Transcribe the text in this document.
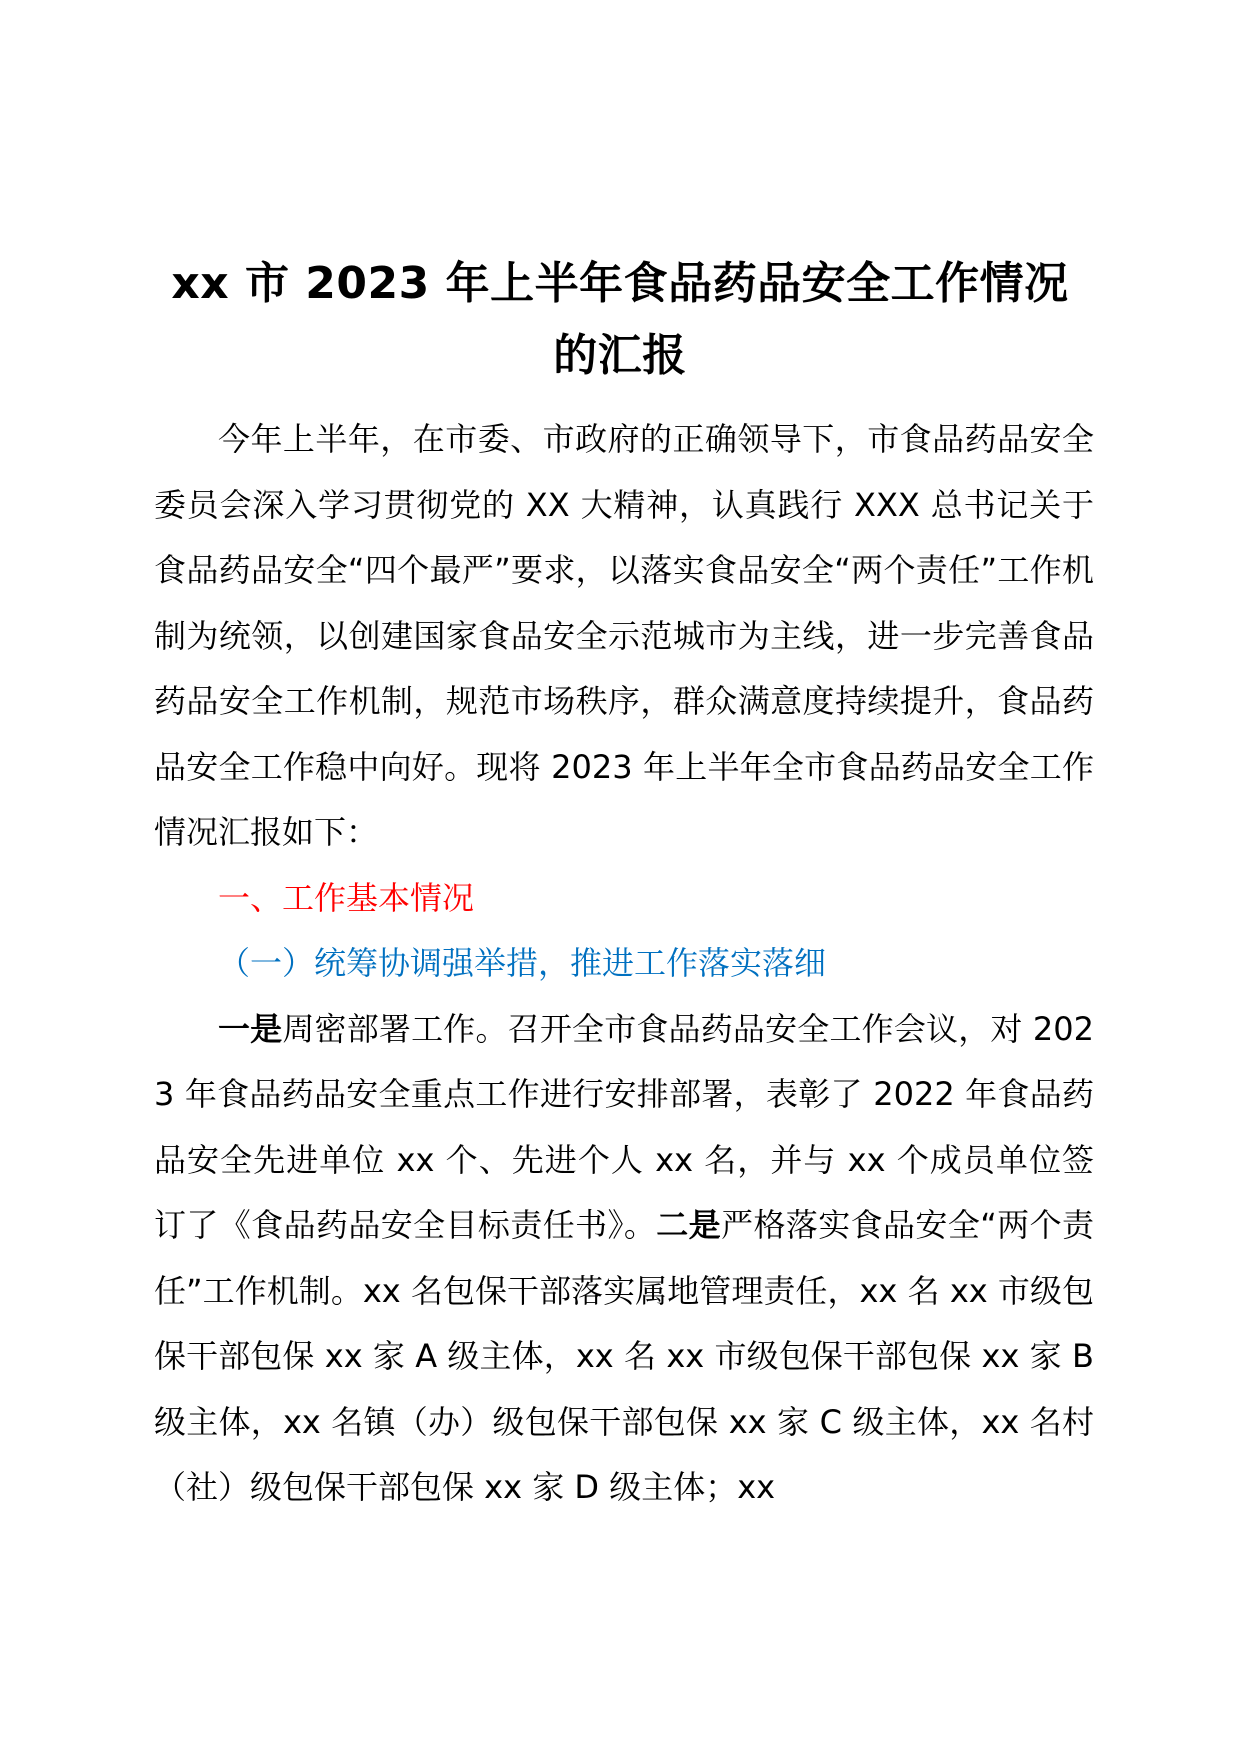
xx 市 2023 年上半年食品药品安全工作情况
的汇报

今年上半年，在市委、市政府的正确领导下，市食品药品安全委员会深入学习贯彻党的 XX 大精神，认真践行 XXX 总书记关于食品药品安全“四个最严”要求，以落实食品安全“两个责任”工作机制为统领，以创建国家食品安全示范城市为主线，进一步完善食品药品安全工作机制，规范市场秩序，群众满意度持续提升，食品药品安全工作稳中向好。现将 2023 年上半年全市食品药品安全工作情况汇报如下：

一、工作基本情况

（一）统筹协调强举措，推进工作落实落细

一是周密部署工作。召开全市食品药品安全工作会议，对 2023 年食品药品安全重点工作进行安排部署，表彰了 2022 年食品药品安全先进单位 xx 个、先进个人 xx 名，并与 xx 个成员单位签订了《食品药品安全目标责任书》。二是严格落实食品安全“两个责任”工作机制。xx 名包保干部落实属地管理责任，xx 名 xx 市级包保干部包保 xx 家 A 级主体，xx 名 xx 市级包保干部包保 xx 家 B 级主体，xx 名镇（办）级包保干部包保 xx 家 C 级主体，xx 名村（社）级包保干部包保 xx 家 D 级主体；xx
